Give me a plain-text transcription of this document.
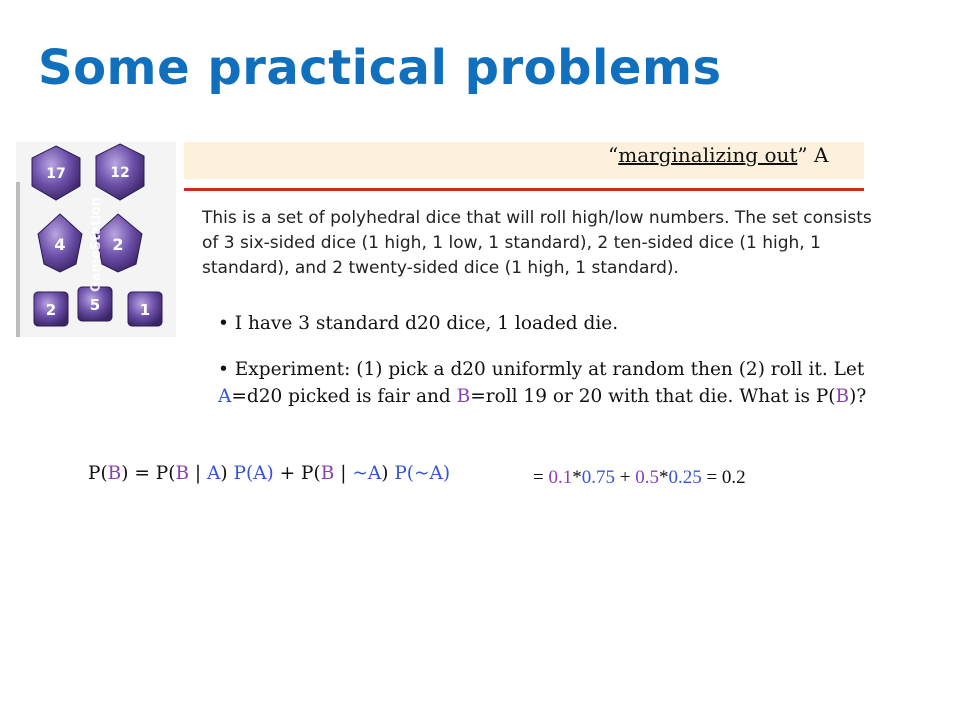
Some practical problems
17	12
4	2
2 5	1
GameStation
“marginalizing out” A
This is a set of polyhedral dice that will roll high/low numbers. The set consists of 3 six-sided dice (1 high, 1 low, 1 standard), 2 ten-sided dice (1 high, 1 standard), and 2 twenty-sided dice (1 high, 1 standard).
• I have 3 standard d20 dice, 1 loaded die.
• Experiment: (1) pick a d20 uniformly at random then (2) roll it. Let A=d20 picked is fair and B=roll 19 or 20 with that die. What is P(B)?
P(B) = P(B | A) P(A) + P(B | ~A) P(~A)	= 0.1*0.75 + 0.5*0.25 = 0.2
